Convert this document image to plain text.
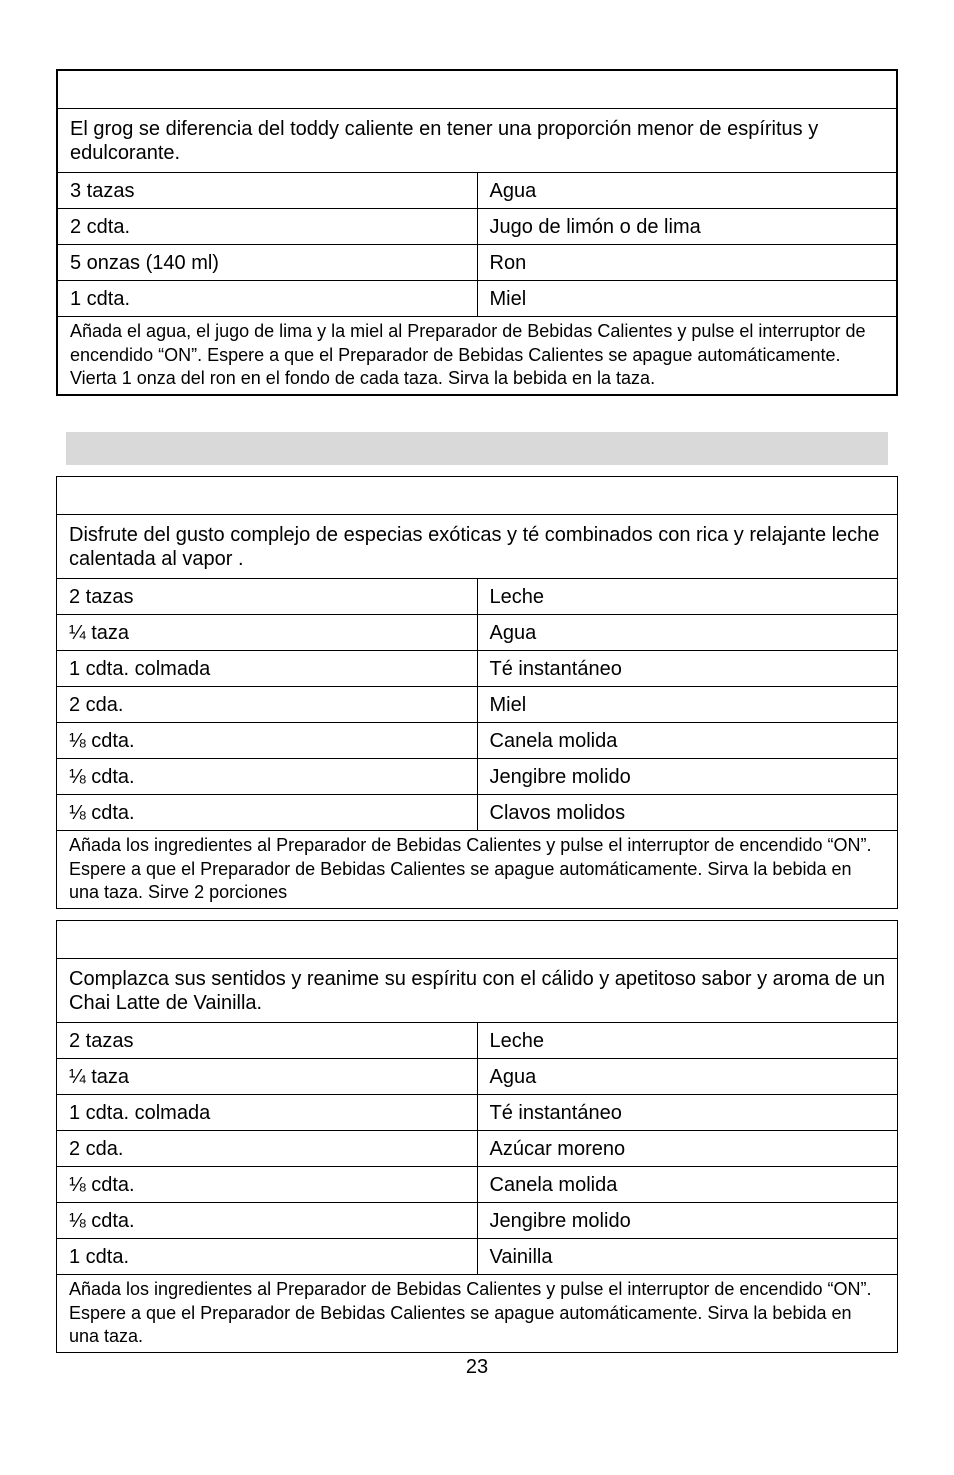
El grog se diferencia del toddy caliente en tener una proporción menor de espíritus y edulcorante.	
3 tazas	Agua
2 cdta.	Jugo de limón o de lima
5 onzas (140 ml)	Ron
1 cdta.	Miel
Añada el agua, el jugo de lima y la miel al Preparador de Bebidas Calientes y pulse el interruptor de encendido “ON”. Espere a que el Preparador de Bebidas Calientes se apague automáticamente. Vierta 1 onza del ron en el fondo de cada taza. Sirva la bebida en la taza.	

Disfrute del gusto complejo de especias exóticas y té combinados con rica y relajante leche calentada al vapor .	
2 tazas	Leche
¼ taza	Agua
1 cdta. colmada	Té instantáneo
2 cda.	Miel
⅛ cdta.	Canela molida
⅛ cdta.	Jengibre molido
⅛ cdta.	Clavos molidos
Añada los ingredientes al Preparador de Bebidas Calientes y pulse el interruptor de encendido “ON”. Espere a que el Preparador de Bebidas Calientes se apague automáticamente. Sirva la bebida en una taza. Sirve 2 porciones	

Complazca sus sentidos y reanime su espíritu con el cálido y apetitoso sabor y aroma de un Chai Latte de Vainilla.	
2 tazas	Leche
¼ taza	Agua
1 cdta. colmada	Té instantáneo
2 cda.	Azúcar moreno
⅛ cdta.	Canela molida
⅛ cdta.	Jengibre molido
1 cdta.	Vainilla
Añada los ingredientes al Preparador de Bebidas Calientes y pulse el interruptor de encendido “ON”. Espere a que el Preparador de Bebidas Calientes se apague automáticamente. Sirva la bebida en una taza.	
23
